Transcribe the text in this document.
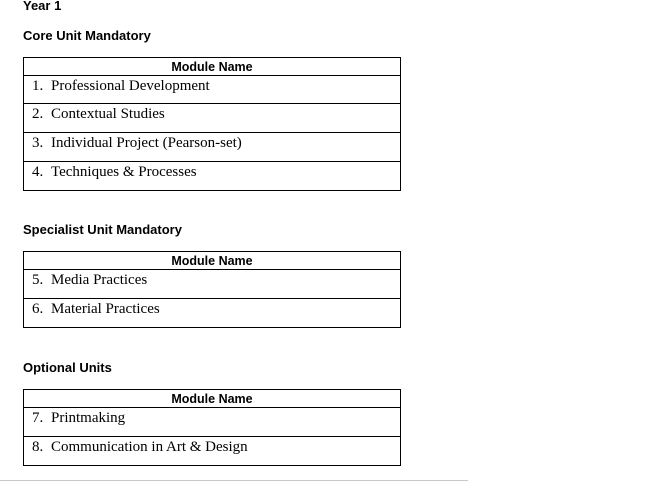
Year 1
Core Unit Mandatory
Module Name
1. Professional Development
2. Contextual Studies
3. Individual Project (Pearson-set)
4. Techniques & Processes
Specialist Unit Mandatory
Module Name
5. Media Practices
6. Material Practices
Optional Units
Module Name
7. Printmaking
8. Communication in Art & Design
